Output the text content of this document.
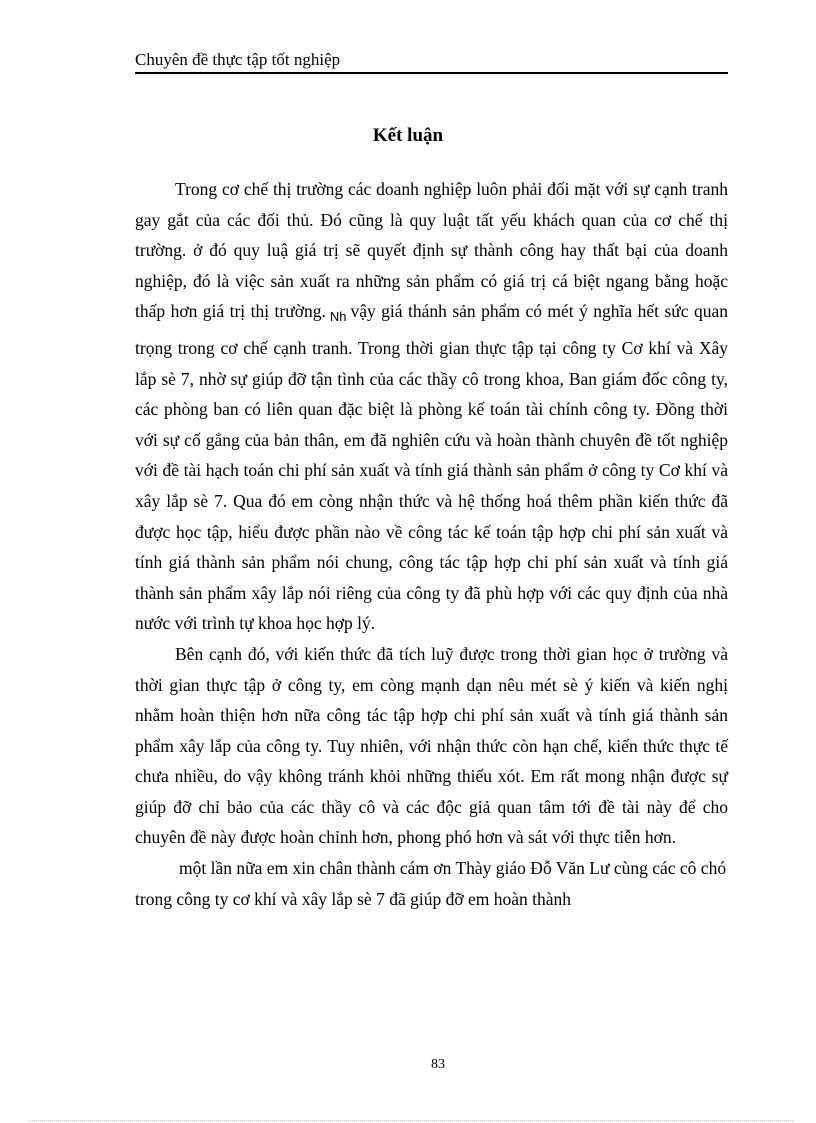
Chuyên đề thực tập tốt nghiệp
Kết luận

Trong cơ chế thị trường các doanh nghiệp luôn phải đối mặt với sự cạnh tranh gay gắt của các đối thủ. Đó cũng là quy luật tất yếu khách quan của cơ chế thị trường. ở đó quy luậ giá trị sẽ quyết định sự thành công hay thất bại của doanh nghiệp, đó là việc sản xuất ra những sản phẩm có giá trị cá biệt ngang bằng hoặc thấp hơn giá trị thị trường. $_{Nh}$ vậy giá thánh sản phẩm có mét ý nghĩa hết sức quan trọng trong cơ chế cạnh tranh. Trong thời gian thực tập tại công ty Cơ khí và Xây lắp sè 7, nhờ sự giúp đỡ tận tình của các thầy cô trong khoa, Ban giám đốc công ty, các phòng ban có liên quan đặc biệt là phòng kế toán tài chính công ty. Đồng thời với sự cố gắng của bản thân, em đã nghiên cứu và hoàn thành chuyên đề tốt nghiệp với đề tài hạch toán chi phí sản xuất và tính giá thành sản phẩm ở công ty Cơ khí và xây lắp sè 7. Qua đó em còng nhận thức và hệ thống hoá thêm phần kiến thức đã được học tập, hiểu được phần nào về công tác kế toán tập hợp chi phí sản xuất và tính giá thành sản phẩm nói chung, công tác tập hợp chi phí sản xuất và tính giá thành sản phẩm xây lắp nói riêng của công ty đã phù hợp với các quy định của nhà nước với trình tự khoa học hợp lý.

Bên cạnh đó, với kiến thức đã tích luỹ được trong thời gian học ở trường và thời gian thực tập ở công ty, em còng mạnh dạn nêu mét sè ý kiến và kiến nghị nhằm hoàn thiện hơn nữa công tác tập hợp chi phí sản xuất và tính giá thành sản phẩm xây lắp của công ty. Tuy nhiên, với nhận thức còn hạn chế, kiến thức thực tế chưa nhiều, do vậy không tránh khỏi những thiếu xót. Em rất mong nhận được sự giúp đỡ chỉ bảo của các thầy cô và các độc giả quan tâm tới đề tài này để cho chuyên đề này được hoàn chỉnh hơn, phong phó hơn và sát với thực tiễn hơn.

một lần nữa em xin chân thành cám ơn Thày giáo Đỗ Văn Lư cùng các cô chó trong công ty cơ khí và xây lắp sè 7 đã giúp đỡ em hoàn thành

83
